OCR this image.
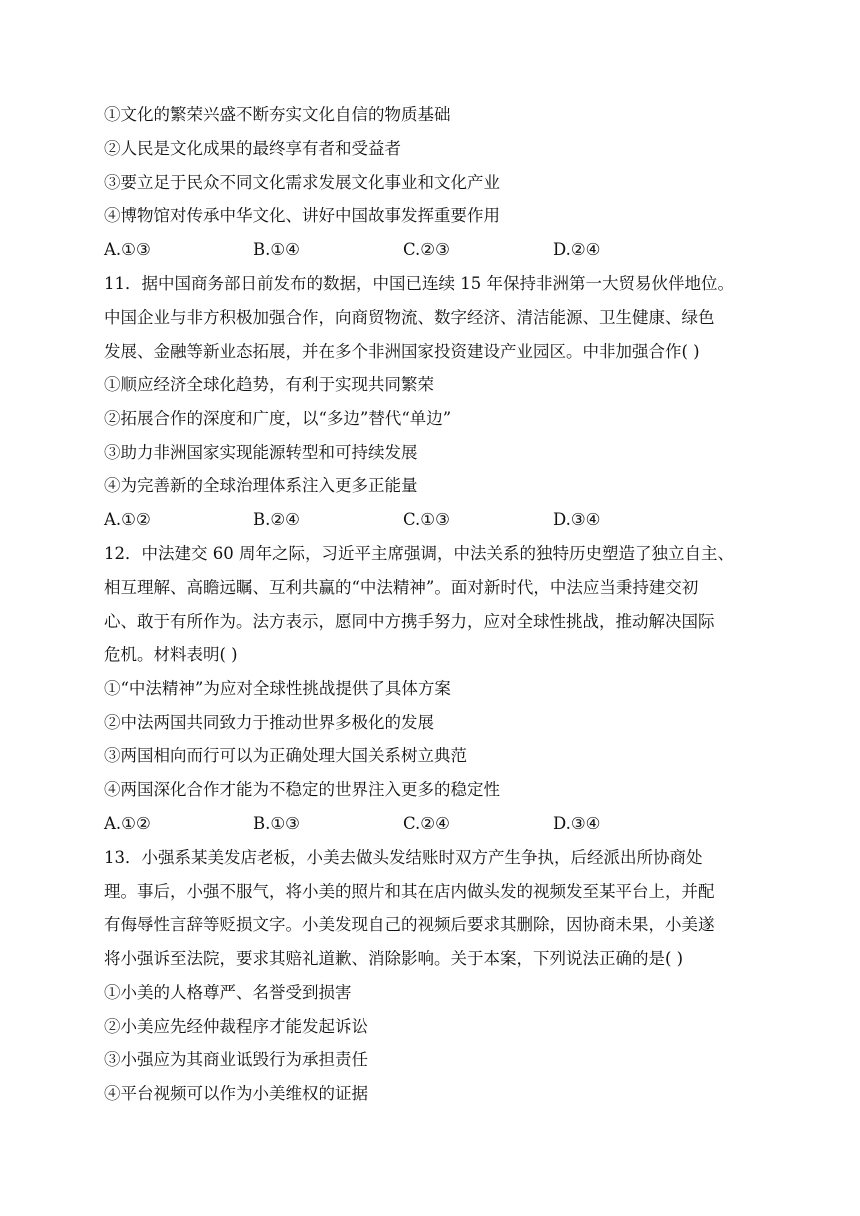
①文化的繁荣兴盛不断夯实文化自信的物质基础
②人民是文化成果的最终享有者和受益者
③要立足于民众不同文化需求发展文化事业和文化产业
④博物馆对传承中华文化、讲好中国故事发挥重要作用
A.①③	B.①④	C.②③	D.②④
11．据中国商务部日前发布的数据，中国已连续 15 年保持非洲第一大贸易伙伴地位。
中国企业与非方积极加强合作，向商贸物流、数字经济、清洁能源、卫生健康、绿色
发展、金融等新业态拓展，并在多个非洲国家投资建设产业园区。中非加强合作( )
①顺应经济全球化趋势，有利于实现共同繁荣
②拓展合作的深度和广度，以“多边”替代“单边”
③助力非洲国家实现能源转型和可持续发展
④为完善新的全球治理体系注入更多正能量
A.①②	B.②④	C.①③	D.③④
12．中法建交 60 周年之际，习近平主席强调，中法关系的独特历史塑造了独立自主、
相互理解、高瞻远瞩、互利共赢的“中法精神”。面对新时代，中法应当秉持建交初
心、敢于有所作为。法方表示，愿同中方携手努力，应对全球性挑战，推动解决国际
危机。材料表明( )
①“中法精神”为应对全球性挑战提供了具体方案
②中法两国共同致力于推动世界多极化的发展
③两国相向而行可以为正确处理大国关系树立典范
④两国深化合作才能为不稳定的世界注入更多的稳定性
A.①②	B.①③	C.②④	D.③④
13．小强系某美发店老板，小美去做头发结账时双方产生争执，后经派出所协商处
理。事后，小强不服气，将小美的照片和其在店内做头发的视频发至某平台上，并配
有侮辱性言辞等贬损文字。小美发现自己的视频后要求其删除，因协商未果，小美遂
将小强诉至法院，要求其赔礼道歉、消除影响。关于本案，下列说法正确的是( )
①小美的人格尊严、名誉受到损害
②小美应先经仲裁程序才能发起诉讼
③小强应为其商业诋毁行为承担责任
④平台视频可以作为小美维权的证据
